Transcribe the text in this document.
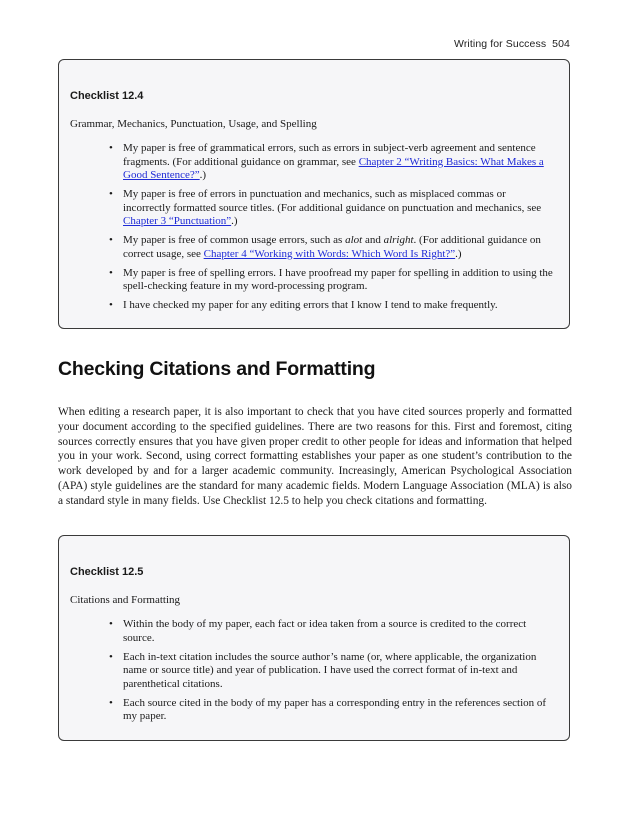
Writing for Success 504
Checklist 12.4
Grammar, Mechanics, Punctuation, Usage, and Spelling
• My paper is free of grammatical errors, such as errors in subject-verb agreement and sentence fragments. (For additional guidance on grammar, see Chapter 2 “Writing Basics: What Makes a Good Sentence?”.)
• My paper is free of errors in punctuation and mechanics, such as misplaced commas or incorrectly formatted source titles. (For additional guidance on punctuation and mechanics, see Chapter 3 “Punctuation”.)
• My paper is free of common usage errors, such as alot and alright. (For additional guidance on correct usage, see Chapter 4 “Working with Words: Which Word Is Right?”.)
• My paper is free of spelling errors. I have proofread my paper for spelling in addition to using the spell-checking feature in my word-processing program.
• I have checked my paper for any editing errors that I know I tend to make frequently.
Checking Citations and Formatting

When editing a research paper, it is also important to check that you have cited sources properly and formatted your document according to the specified guidelines. There are two reasons for this. First and foremost, citing sources correctly ensures that you have given proper credit to other people for ideas and information that helped you in your work. Second, using correct formatting establishes your paper as one student’s contribution to the work developed by and for a larger academic community. Increasingly, American Psychological Association (APA) style guidelines are the standard for many academic fields. Modern Language Association (MLA) is also a standard style in many fields. Use Checklist 12.5 to help you check citations and formatting.

Checklist 12.5
Citations and Formatting
• Within the body of my paper, each fact or idea taken from a source is credited to the correct source.
• Each in-text citation includes the source author’s name (or, where applicable, the organization name or source title) and year of publication. I have used the correct format of in-text and parenthetical citations.
• Each source cited in the body of my paper has a corresponding entry in the references section of my paper.
